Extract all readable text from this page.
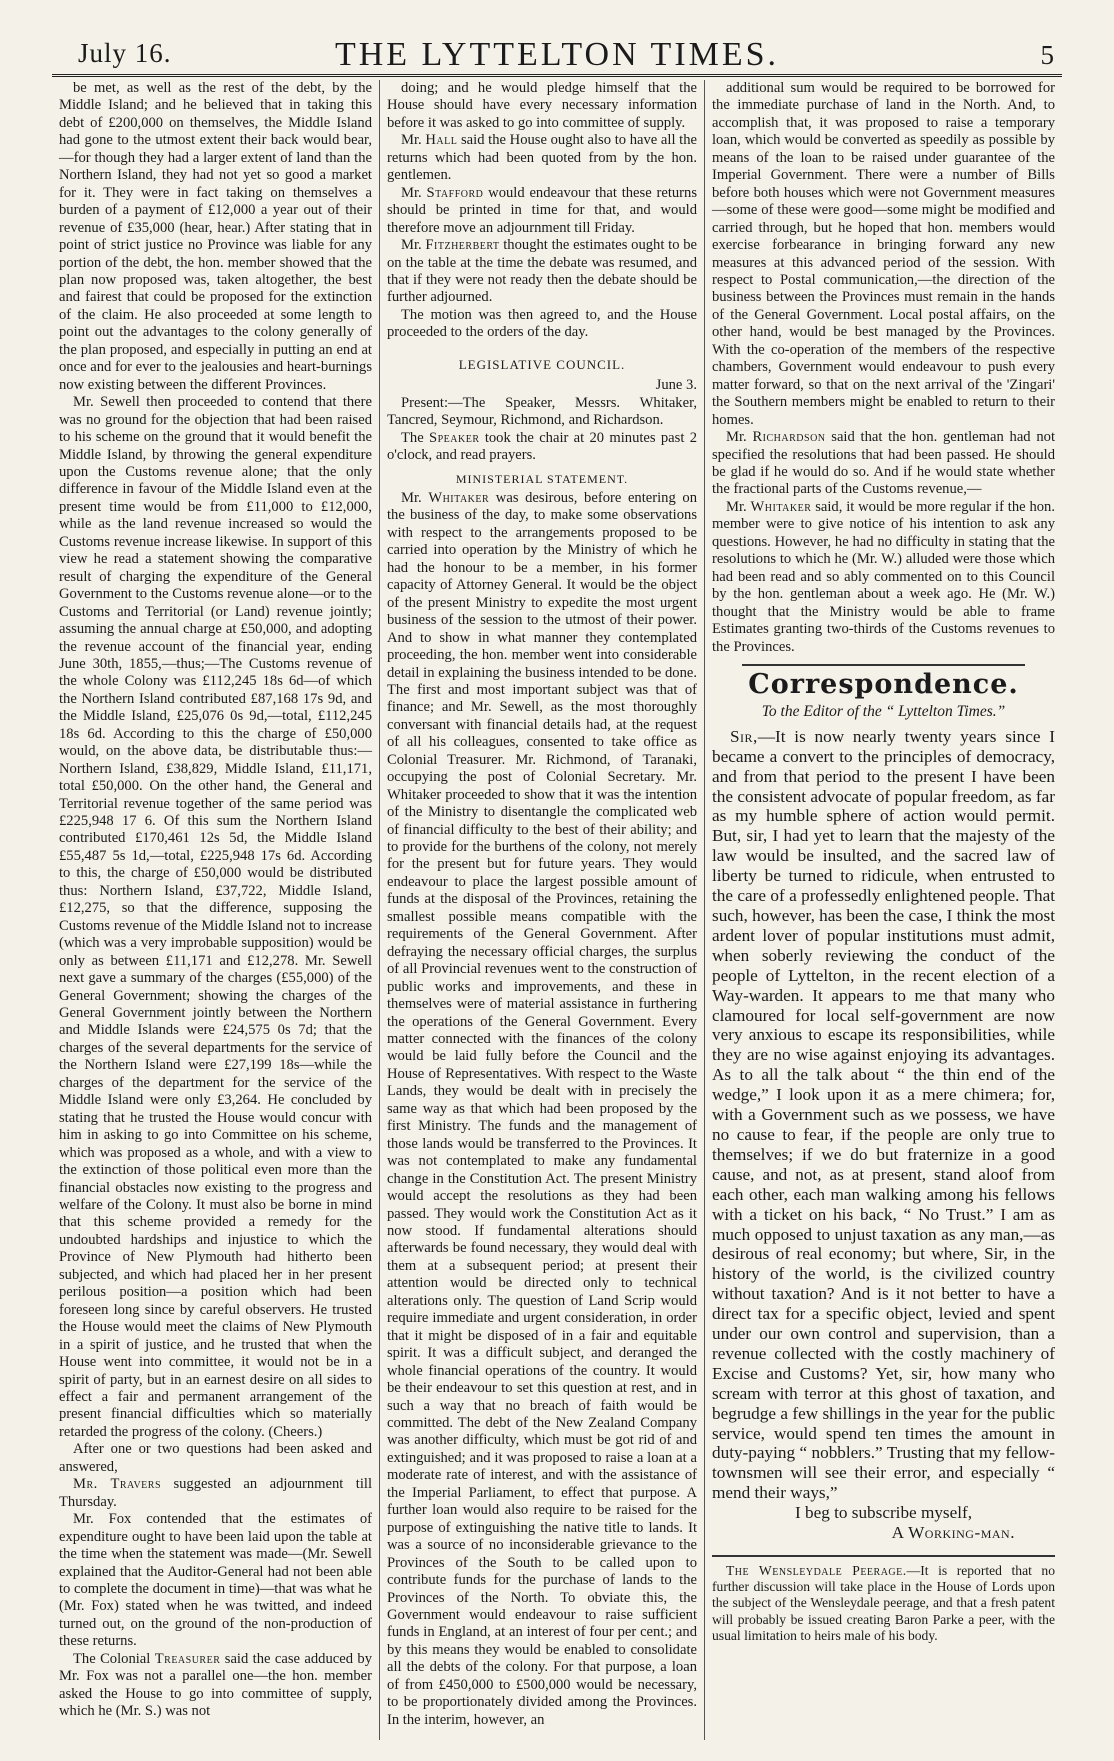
July 16.	THE LYTTELTON TIMES.	5

be met, as well as the rest of the debt, by the Middle Island; and he believed that in taking this debt of £200,000 on themselves, the Middle Island had gone to the utmost extent their back would bear,—for though they had a larger extent of land than the Northern Island, they had not yet so good a market for it. They were in fact taking on themselves a burden of a payment of £12,000 a year out of their revenue of £35,000 (hear, hear.) After stating that in point of strict justice no Province was liable for any portion of the debt, the hon. member showed that the plan now proposed was, taken altogether, the best and fairest that could be proposed for the extinction of the claim. He also proceeded at some length to point out the advantages to the colony generally of the plan proposed, and especially in putting an end at once and for ever to the jealousies and heart-burnings now existing between the different Provinces.

Mr. Sewell then proceeded to contend that there was no ground for the objection that had been raised to his scheme on the ground that it would benefit the Middle Island, by throwing the general expenditure upon the Customs revenue alone; that the only difference in favour of the Middle Island even at the present time would be from £11,000 to £12,000, while as the land revenue increased so would the Customs revenue increase likewise. In support of this view he read a statement showing the comparative result of charging the expenditure of the General Government to the Customs revenue alone—or to the Customs and Territorial (or Land) revenue jointly; assuming the annual charge at £50,000, and adopting the revenue account of the financial year, ending June 30th, 1855,—thus;—The Customs revenue of the whole Colony was £112,245 18s 6d—of which the Northern Island contributed £87,168 17s 9d, and the Middle Island, £25,076 0s 9d,—total, £112,245 18s 6d. According to this the charge of £50,000 would, on the above data, be distributable thus:—Northern Island, £38,829, Middle Island, £11,171, total £50,000. On the other hand, the General and Territorial revenue together of the same period was £225,948 17 6. Of this sum the Northern Island contributed £170,461 12s 5d, the Middle Island £55,487 5s 1d,—total, £225,948 17s 6d. According to this, the charge of £50,000 would be distributed thus: Northern Island, £37,722, Middle Island, £12,275, so that the difference, supposing the Customs revenue of the Middle Island not to increase (which was a very improbable supposition) would be only as between £11,171 and £12,278. Mr. Sewell next gave a summary of the charges (£55,000) of the General Government; showing the charges of the General Government jointly between the Northern and Middle Islands were £24,575 0s 7d; that the charges of the several departments for the service of the Northern Island were £27,199 18s—while the charges of the department for the service of the Middle Island were only £3,264. He concluded by stating that he trusted the House would concur with him in asking to go into Committee on his scheme, which was proposed as a whole, and with a view to the extinction of those political even more than the financial obstacles now existing to the progress and welfare of the Colony. It must also be borne in mind that this scheme provided a remedy for the undoubted hardships and injustice to which the Province of New Plymouth had hitherto been subjected, and which had placed her in her present perilous position—a position which had been foreseen long since by careful observers. He trusted the House would meet the claims of New Plymouth in a spirit of justice, and he trusted that when the House went into committee, it would not be in a spirit of party, but in an earnest desire on all sides to effect a fair and permanent arrangement of the present financial difficulties which so materially retarded the progress of the colony. (Cheers.)

After one or two questions had been asked and answered,

Mr. Travers suggested an adjournment till Thursday.

Mr. Fox contended that the estimates of expenditure ought to have been laid upon the table at the time when the statement was made—(Mr. Sewell explained that the Auditor-General had not been able to complete the document in time)—that was what he (Mr. Fox) stated when he was twitted, and indeed turned out, on the ground of the non-production of these returns.

The Colonial Treasurer said the case adduced by Mr. Fox was not a parallel one—the hon. member asked the House to go into committee of supply, which he (Mr. S.) was not

doing; and he would pledge himself that the House should have every necessary information before it was asked to go into committee of supply.

Mr. Hall said the House ought also to have all the returns which had been quoted from by the hon. gentlemen.

Mr. Stafford would endeavour that these returns should be printed in time for that, and would therefore move an adjournment till Friday.

Mr. Fitzherbert thought the estimates ought to be on the table at the time the debate was resumed, and that if they were not ready then the debate should be further adjourned.

The motion was then agreed to, and the House proceeded to the orders of the day.

LEGISLATIVE COUNCIL.
June 3.

Present:—The Speaker, Messrs. Whitaker, Tancred, Seymour, Richmond, and Richardson.

The Speaker took the chair at 20 minutes past 2 o'clock, and read prayers.

MINISTERIAL STATEMENT.

Mr. Whitaker was desirous, before entering on the business of the day, to make some observations with respect to the arrangements proposed to be carried into operation by the Ministry of which he had the honour to be a member, in his former capacity of Attorney General. It would be the object of the present Ministry to expedite the most urgent business of the session to the utmost of their power. And to show in what manner they contemplated proceeding, the hon. member went into considerable detail in explaining the business intended to be done. The first and most important subject was that of finance; and Mr. Sewell, as the most thoroughly conversant with financial details had, at the request of all his colleagues, consented to take office as Colonial Treasurer. Mr. Richmond, of Taranaki, occupying the post of Colonial Secretary. Mr. Whitaker proceeded to show that it was the intention of the Ministry to disentangle the complicated web of financial difficulty to the best of their ability; and to provide for the burthens of the colony, not merely for the present but for future years. They would endeavour to place the largest possible amount of funds at the disposal of the Provinces, retaining the smallest possible means compatible with the requirements of the General Government. After defraying the necessary official charges, the surplus of all Provincial revenues went to the construction of public works and improvements, and these in themselves were of material assistance in furthering the operations of the General Government. Every matter connected with the finances of the colony would be laid fully before the Council and the House of Representatives. With respect to the Waste Lands, they would be dealt with in precisely the same way as that which had been proposed by the first Ministry. The funds and the management of those lands would be transferred to the Provinces. It was not contemplated to make any fundamental change in the Constitution Act. The present Ministry would accept the resolutions as they had been passed. They would work the Constitution Act as it now stood. If fundamental alterations should afterwards be found necessary, they would deal with them at a subsequent period; at present their attention would be directed only to technical alterations only. The question of Land Scrip would require immediate and urgent consideration, in order that it might be disposed of in a fair and equitable spirit. It was a difficult subject, and deranged the whole financial operations of the country. It would be their endeavour to set this question at rest, and in such a way that no breach of faith would be committed. The debt of the New Zealand Company was another difficulty, which must be got rid of and extinguished; and it was proposed to raise a loan at a moderate rate of interest, and with the assistance of the Imperial Parliament, to effect that purpose. A further loan would also require to be raised for the purpose of extinguishing the native title to lands. It was a source of no inconsiderable grievance to the Provinces of the South to be called upon to contribute funds for the purchase of lands to the Provinces of the North. To obviate this, the Government would endeavour to raise sufficient funds in England, at an interest of four per cent.; and by this means they would be enabled to consolidate all the debts of the colony. For that purpose, a loan of from £450,000 to £500,000 would be necessary, to be proportionately divided among the Provinces. In the interim, however, an

additional sum would be required to be borrowed for the immediate purchase of land in the North. And, to accomplish that, it was proposed to raise a temporary loan, which would be converted as speedily as possible by means of the loan to be raised under guarantee of the Imperial Government. There were a number of Bills before both houses which were not Government measures—some of these were good—some might be modified and carried through, but he hoped that hon. members would exercise forbearance in bringing forward any new measures at this advanced period of the session. With respect to Postal communication,—the direction of the business between the Provinces must remain in the hands of the General Government. Local postal affairs, on the other hand, would be best managed by the Provinces. With the co-operation of the members of the respective chambers, Government would endeavour to push every matter forward, so that on the next arrival of the 'Zingari' the Southern members might be enabled to return to their homes.

Mr. Richardson said that the hon. gentleman had not specified the resolutions that had been passed. He should be glad if he would do so. And if he would state whether the fractional parts of the Customs revenue,—

Mr. Whitaker said, it would be more regular if the hon. member were to give notice of his intention to ask any questions. However, he had no difficulty in stating that the resolutions to which he (Mr. W.) alluded were those which had been read and so ably commented on to this Council by the hon. gentleman about a week ago. He (Mr. W.) thought that the Ministry would be able to frame Estimates granting two-thirds of the Customs revenues to the Provinces.

Correspondence.

To the Editor of the “ Lyttelton Times.”

Sir,—It is now nearly twenty years since I became a convert to the principles of democracy, and from that period to the present I have been the consistent advocate of popular freedom, as far as my humble sphere of action would permit. But, sir, I had yet to learn that the majesty of the law would be insulted, and the sacred law of liberty be turned to ridicule, when entrusted to the care of a professedly enlightened people. That such, however, has been the case, I think the most ardent lover of popular institutions must admit, when soberly reviewing the conduct of the people of Lyttelton, in the recent election of a Way-warden. It appears to me that many who clamoured for local self-government are now very anxious to escape its responsibilities, while they are no wise against enjoying its advantages. As to all the talk about “ the thin end of the wedge,” I look upon it as a mere chimera; for, with a Government such as we possess, we have no cause to fear, if the people are only true to themselves; if we do but fraternize in a good cause, and not, as at present, stand aloof from each other, each man walking among his fellows with a ticket on his back, “ No Trust.” I am as much opposed to unjust taxation as any man,—as desirous of real economy; but where, Sir, in the history of the world, is the civilized country without taxation? And is it not better to have a direct tax for a specific object, levied and spent under our own control and supervision, than a revenue collected with the costly machinery of Excise and Customs? Yet, sir, how many who scream with terror at this ghost of taxation, and begrudge a few shillings in the year for the public service, would spend ten times the amount in duty-paying “ nobblers.” Trusting that my fellow-townsmen will see their error, and especially “ mend their ways,”

I beg to subscribe myself,

A Working-man.

The Wensleydale Peerage.—It is reported that no further discussion will take place in the House of Lords upon the subject of the Wensleydale peerage, and that a fresh patent will probably be issued creating Baron Parke a peer, with the usual limitation to heirs male of his body.
